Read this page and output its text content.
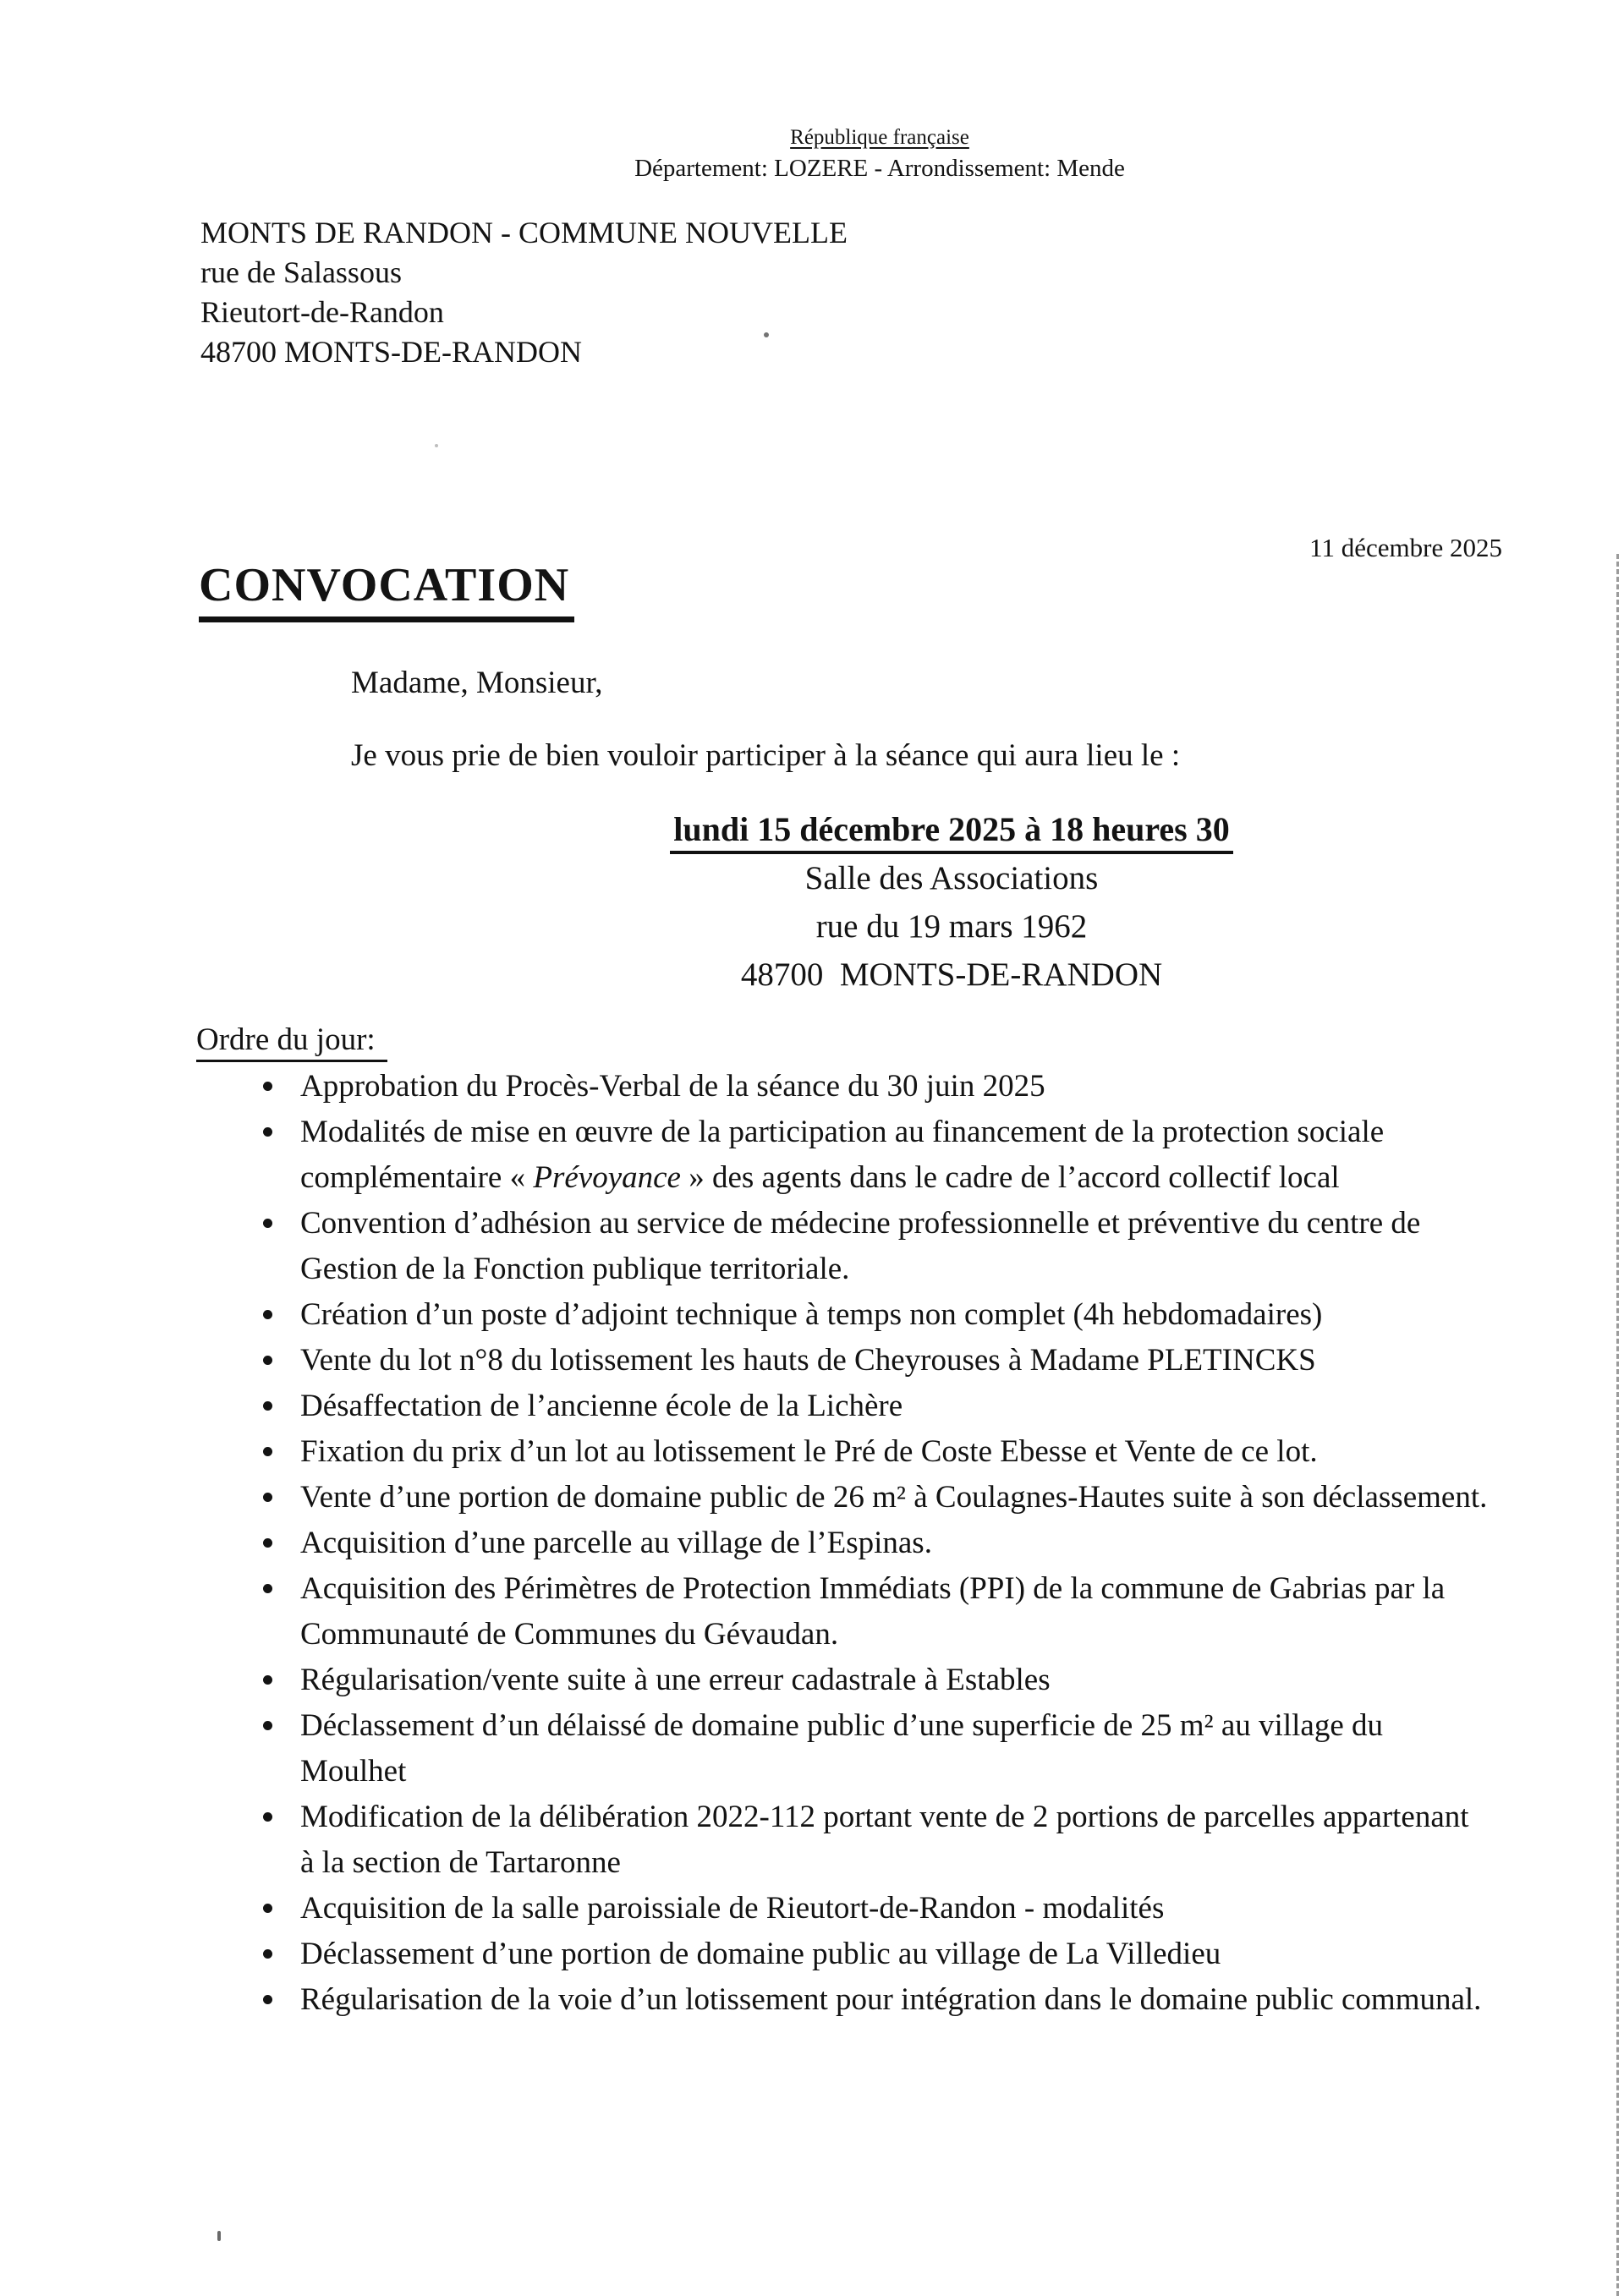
République française
Département: LOZERE - Arrondissement: Mende
MONTS DE RANDON - COMMUNE NOUVELLE
rue de Salassous
Rieutort-de-Randon
48700 MONTS-DE-RANDON
11 décembre 2025
CONVOCATION
Madame, Monsieur,
Je vous prie de bien vouloir participer à la séance qui aura lieu le :
lundi 15 décembre 2025 à 18 heures 30
Salle des Associations
rue du 19 mars 1962
48700  MONTS-DE-RANDON
Ordre du jour:
Approbation du Procès-Verbal de la séance du 30 juin 2025
Modalités de mise en œuvre de la participation au financement de la protection sociale complémentaire « Prévoyance » des agents dans le cadre de l’accord collectif local
Convention d’adhésion au service de médecine professionnelle et préventive du centre de Gestion de la Fonction publique territoriale.
Création d’un poste d’adjoint technique à temps non complet (4h hebdomadaires)
Vente du lot n°8 du lotissement les hauts de Cheyrouses à Madame PLETINCKS
Désaffectation de l’ancienne école de la Lichère
Fixation du prix d’un lot au lotissement le Pré de Coste Ebesse et Vente de ce lot.
Vente d’une portion de domaine public de 26 m² à Coulagnes-Hautes suite à son déclassement.
Acquisition d’une parcelle au village de l’Espinas.
Acquisition des Périmètres de Protection Immédiats (PPI) de la commune de Gabrias par la Communauté de Communes du Gévaudan.
Régularisation/vente suite à une erreur cadastrale à Estables
Déclassement d’un délaissé de domaine public d’une superficie de 25 m² au village du Moulhet
Modification de la délibération 2022-112 portant vente de 2 portions de parcelles appartenant à la section de Tartaronne
Acquisition de la salle paroissiale de Rieutort-de-Randon - modalités
Déclassement d’une portion de domaine public au village de La Villedieu
Régularisation de la voie d’un lotissement pour intégration dans le domaine public communal.
